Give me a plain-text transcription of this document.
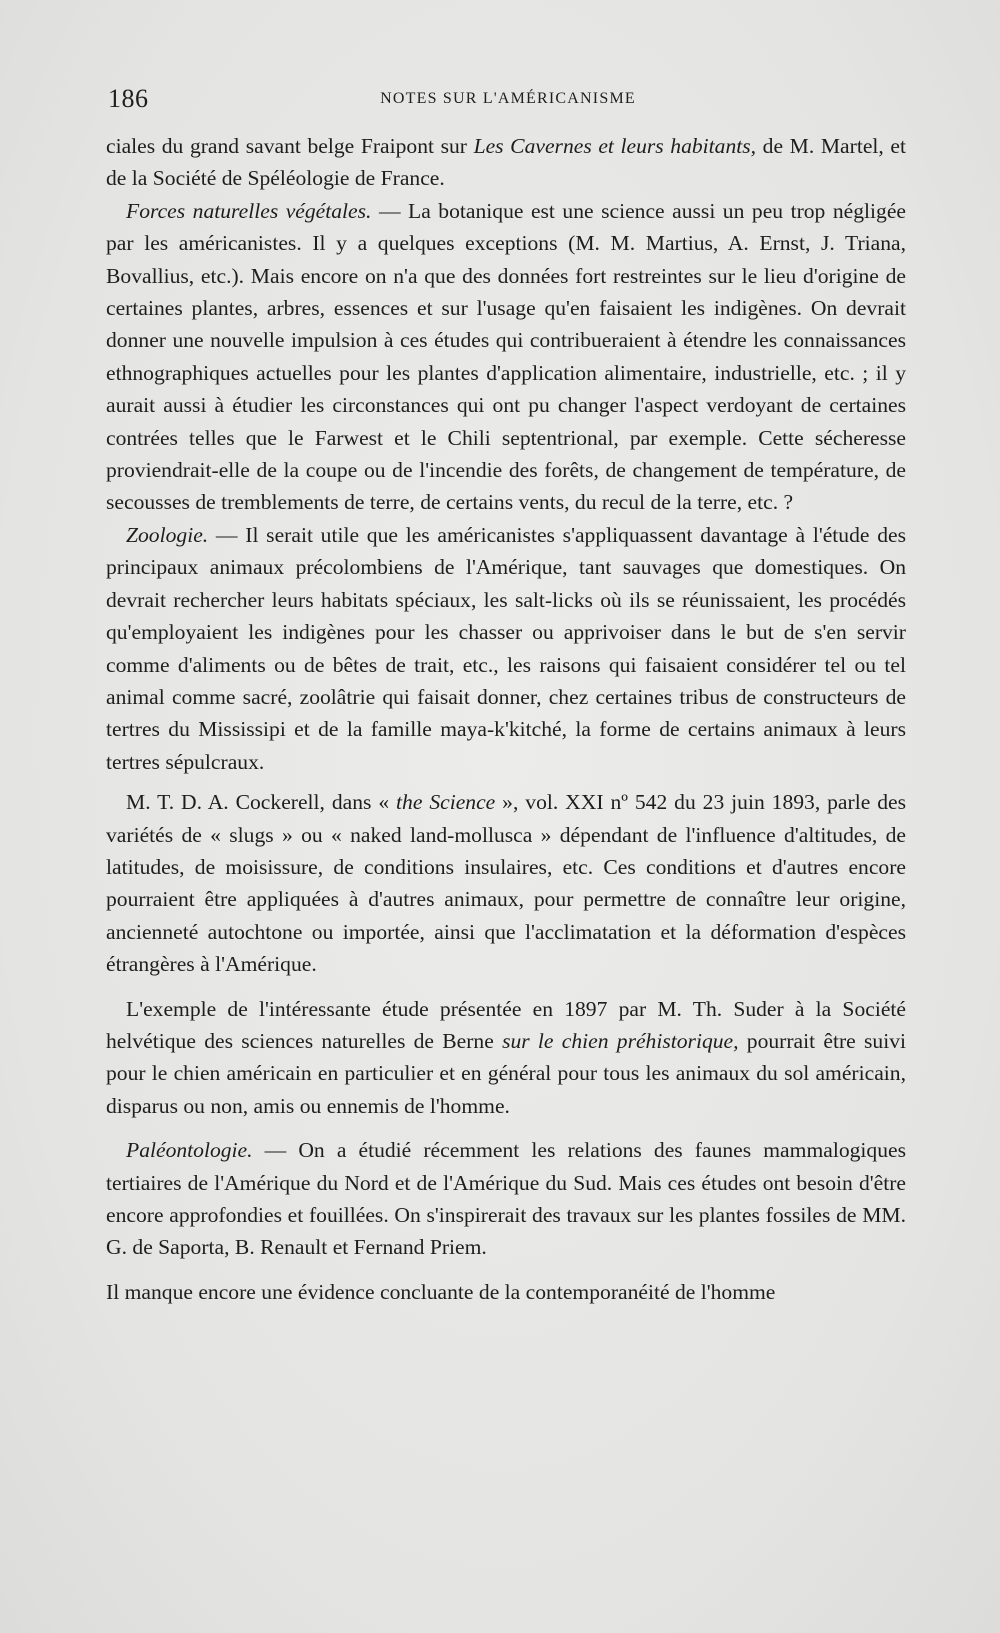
186	NOTES SUR L'AMÉRICANISME

ciales du grand savant belge Fraipont sur Les Cavernes et leurs habitants, de M. Martel, et de la Société de Spéléologie de France.

Forces naturelles végétales. — La botanique est une science aussi un peu trop négligée par les américanistes. Il y a quelques exceptions (M. M. Martius, A. Ernst, J. Triana, Bovallius, etc.). Mais encore on n'a que des données fort restreintes sur le lieu d'origine de certaines plantes, arbres, essences et sur l'usage qu'en faisaient les indigènes. On devrait donner une nouvelle impulsion à ces études qui contribueraient à étendre les connaissances ethnographiques actuelles pour les plantes d'application alimentaire, industrielle, etc. ; il y aurait aussi à étudier les circonstances qui ont pu changer l'aspect verdoyant de certaines contrées telles que le Farwest et le Chili septentrional, par exemple. Cette sécheresse proviendrait-elle de la coupe ou de l'incendie des forêts, de changement de température, de secousses de tremblements de terre, de certains vents, du recul de la terre, etc. ?

Zoologie. — Il serait utile que les américanistes s'appliquassent davantage à l'étude des principaux animaux précolombiens de l'Amérique, tant sauvages que domestiques. On devrait rechercher leurs habitats spéciaux, les salt-licks où ils se réunissaient, les procédés qu'employaient les indigènes pour les chasser ou apprivoiser dans le but de s'en servir comme d'aliments ou de bêtes de trait, etc., les raisons qui faisaient considérer tel ou tel animal comme sacré, zoolâtrie qui faisait donner, chez certaines tribus de constructeurs de tertres du Mississipi et de la famille maya-k'kitché, la forme de certains animaux à leurs tertres sépulcraux.

M. T. D. A. Cockerell, dans « the Science », vol. XXI nº 542 du 23 juin 1893, parle des variétés de « slugs » ou « naked land-mollusca » dépendant de l'influence d'altitudes, de latitudes, de moisissure, de conditions insulaires, etc. Ces conditions et d'autres encore pourraient être appliquées à d'autres animaux, pour permettre de connaître leur origine, ancienneté autochtone ou importée, ainsi que l'acclimatation et la déformation d'espèces étrangères à l'Amérique.

L'exemple de l'intéressante étude présentée en 1897 par M. Th. Suder à la Société helvétique des sciences naturelles de Berne sur le chien préhistorique, pourrait être suivi pour le chien américain en particulier et en général pour tous les animaux du sol américain, disparus ou non, amis ou ennemis de l'homme.

Paléontologie. — On a étudié récemment les relations des faunes mammalogiques tertiaires de l'Amérique du Nord et de l'Amérique du Sud. Mais ces études ont besoin d'être encore approfondies et fouillées. On s'inspirerait des travaux sur les plantes fossiles de MM. G. de Saporta, B. Renault et Fernand Priem.

Il manque encore une évidence concluante de la contemporanéité de l'homme
